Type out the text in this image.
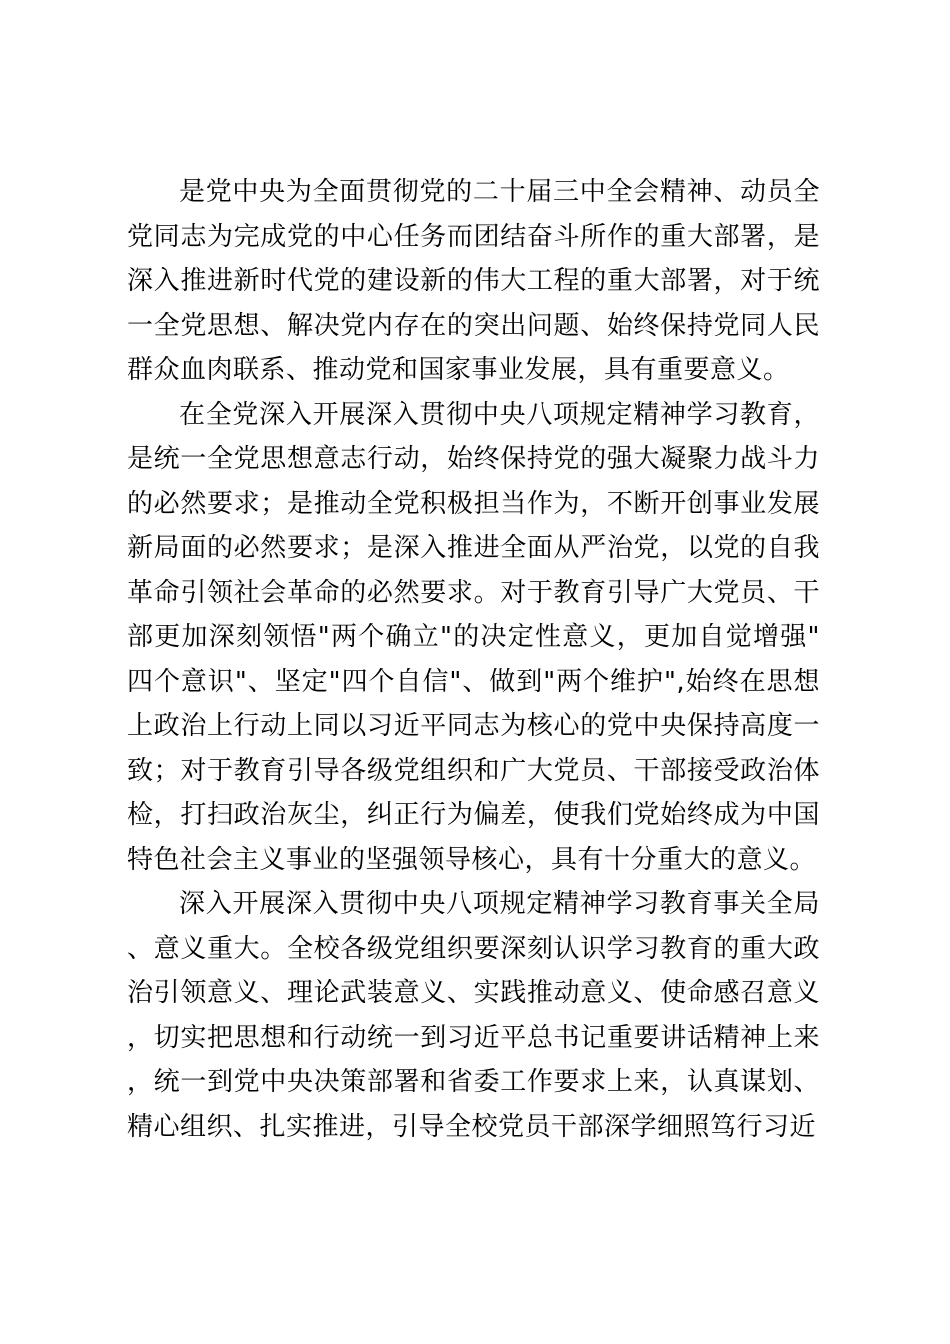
是党中央为全面贯彻党的二十届三中全会精神、动员全党同志为完成党的中心任务而团结奋斗所作的重大部署，是深入推进新时代党的建设新的伟大工程的重大部署，对于统一全党思想、解决党内存在的突出问题、始终保持党同人民群众血肉联系、推动党和国家事业发展，具有重要意义。

在全党深入开展深入贯彻中央八项规定精神学习教育，是统一全党思想意志行动，始终保持党的强大凝聚力战斗力的必然要求；是推动全党积极担当作为，不断开创事业发展新局面的必然要求；是深入推进全面从严治党，以党的自我革命引领社会革命的必然要求。对于教育引导广大党员、干部更加深刻领悟"两个确立"的决定性意义，更加自觉增强"四个意识"、坚定"四个自信"、做到"两个维护",始终在思想上政治上行动上同以习近平同志为核心的党中央保持高度一致；对于教育引导各级党组织和广大党员、干部接受政治体检，打扫政治灰尘，纠正行为偏差，使我们党始终成为中国特色社会主义事业的坚强领导核心，具有十分重大的意义。

深入开展深入贯彻中央八项规定精神学习教育事关全局、意义重大。全校各级党组织要深刻认识学习教育的重大政治引领意义、理论武装意义、实践推动意义、使命感召意义，切实把思想和行动统一到习近平总书记重要讲话精神上来，统一到党中央决策部署和省委工作要求上来，认真谋划、精心组织、扎实推进，引导全校党员干部深学细照笃行习近
